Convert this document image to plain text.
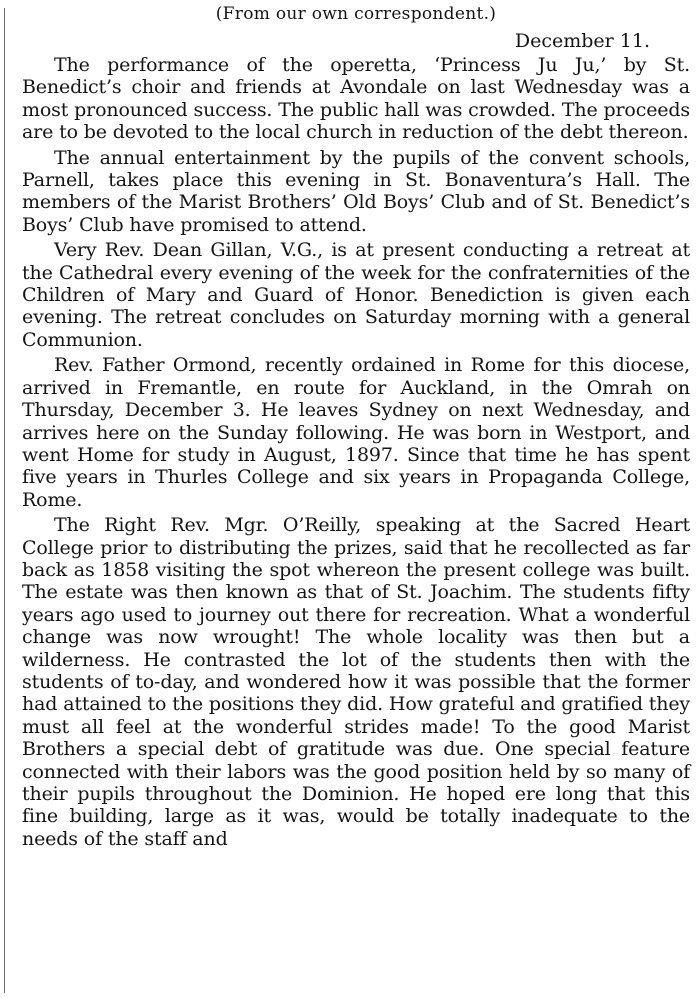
(From our own correspondent.)
December 11.

The performance of the operetta, ‘Princess Ju Ju,’ by St. Benedict’s choir and friends at Avondale on last Wednesday was a most pronounced success. The public hall was crowded. The proceeds are to be devoted to the local church in reduction of the debt thereon.

The annual entertainment by the pupils of the convent schools, Parnell, takes place this evening in St. Bonaventura’s Hall. The members of the Marist Brothers’ Old Boys’ Club and of St. Benedict’s Boys’ Club have promised to attend.

Very Rev. Dean Gillan, V.G., is at present conducting a retreat at the Cathedral every evening of the week for the confraternities of the Children of Mary and Guard of Honor. Benediction is given each evening. The retreat concludes on Saturday morning with a general Communion.

Rev. Father Ormond, recently ordained in Rome for this diocese, arrived in Fremantle, en route for Auckland, in the Omrah on Thursday, December 3. He leaves Sydney on next Wednesday, and arrives here on the Sunday following. He was born in Westport, and went Home for study in August, 1897. Since that time he has spent five years in Thurles College and six years in Propaganda College, Rome.

The Right Rev. Mgr. O’Reilly, speaking at the Sacred Heart College prior to distributing the prizes, said that he recollected as far back as 1858 visiting the spot whereon the present college was built. The estate was then known as that of St. Joachim. The students fifty years ago used to journey out there for recreation. What a wonderful change was now wrought! The whole locality was then but a wilderness. He contrasted the lot of the students then with the students of to-day, and wondered how it was possible that the former had attained to the positions they did. How grateful and gratified they must all feel at the wonderful strides made! To the good Marist Brothers a special debt of gratitude was due. One special feature connected with their labors was the good position held by so many of their pupils throughout the Dominion. He hoped ere long that this fine building, large as it was, would be totally inadequate to the needs of the staff and
